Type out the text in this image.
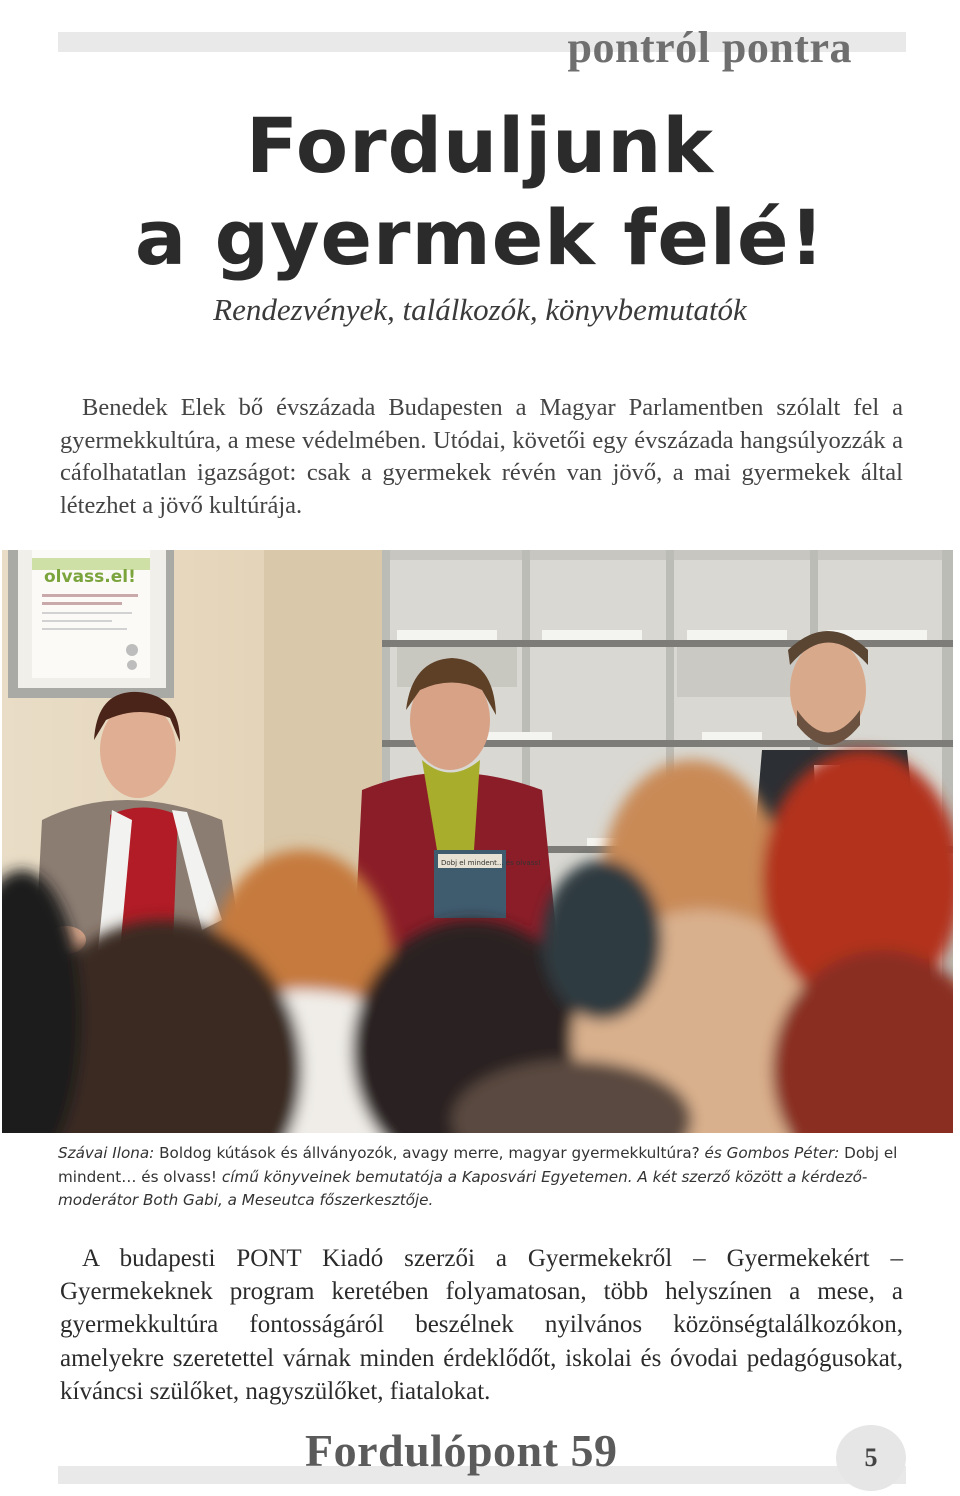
pontról pontra
Forduljunk
a gyermek felé!

Rendezvények, találkozók, könyvbemutatók

Benedek Elek bő évszázada Budapesten a Magyar Parlamentben szólalt fel a gyermekkultúra, a mese védelmében. Utódai, követői egy évszázada hangsúlyozzák a cáfolhatatlan igazságot: csak a gyermekek révén van jövő, a mai gyermekek által létezhet a jövő kultúrája.

olvass.el!
Dobj el mindent... és olvass!

Szávai Ilona: Boldog kútások és állványozók, avagy merre, magyar gyermekkultúra? és Gombos Péter: Dobj el mindent… és olvass! című könyveinek bemutatója a Kaposvári Egyetemen. A két szerző között a kérdező-moderátor Both Gabi, a Meseutca főszerkesztője.

A budapesti PONT Kiadó szerzői a Gyermekekről – Gyermekekért – Gyermekeknek program keretében folyamatosan, több helyszínen a mese, a gyermekkultúra fontosságáról beszélnek nyilvános közönségtalálkozókon, amelyekre szeretettel várnak minden érdeklődőt, iskolai és óvodai pedagógusokat, kíváncsi szülőket, nagyszülőket, fiatalokat.

Fordulópont 59	5
